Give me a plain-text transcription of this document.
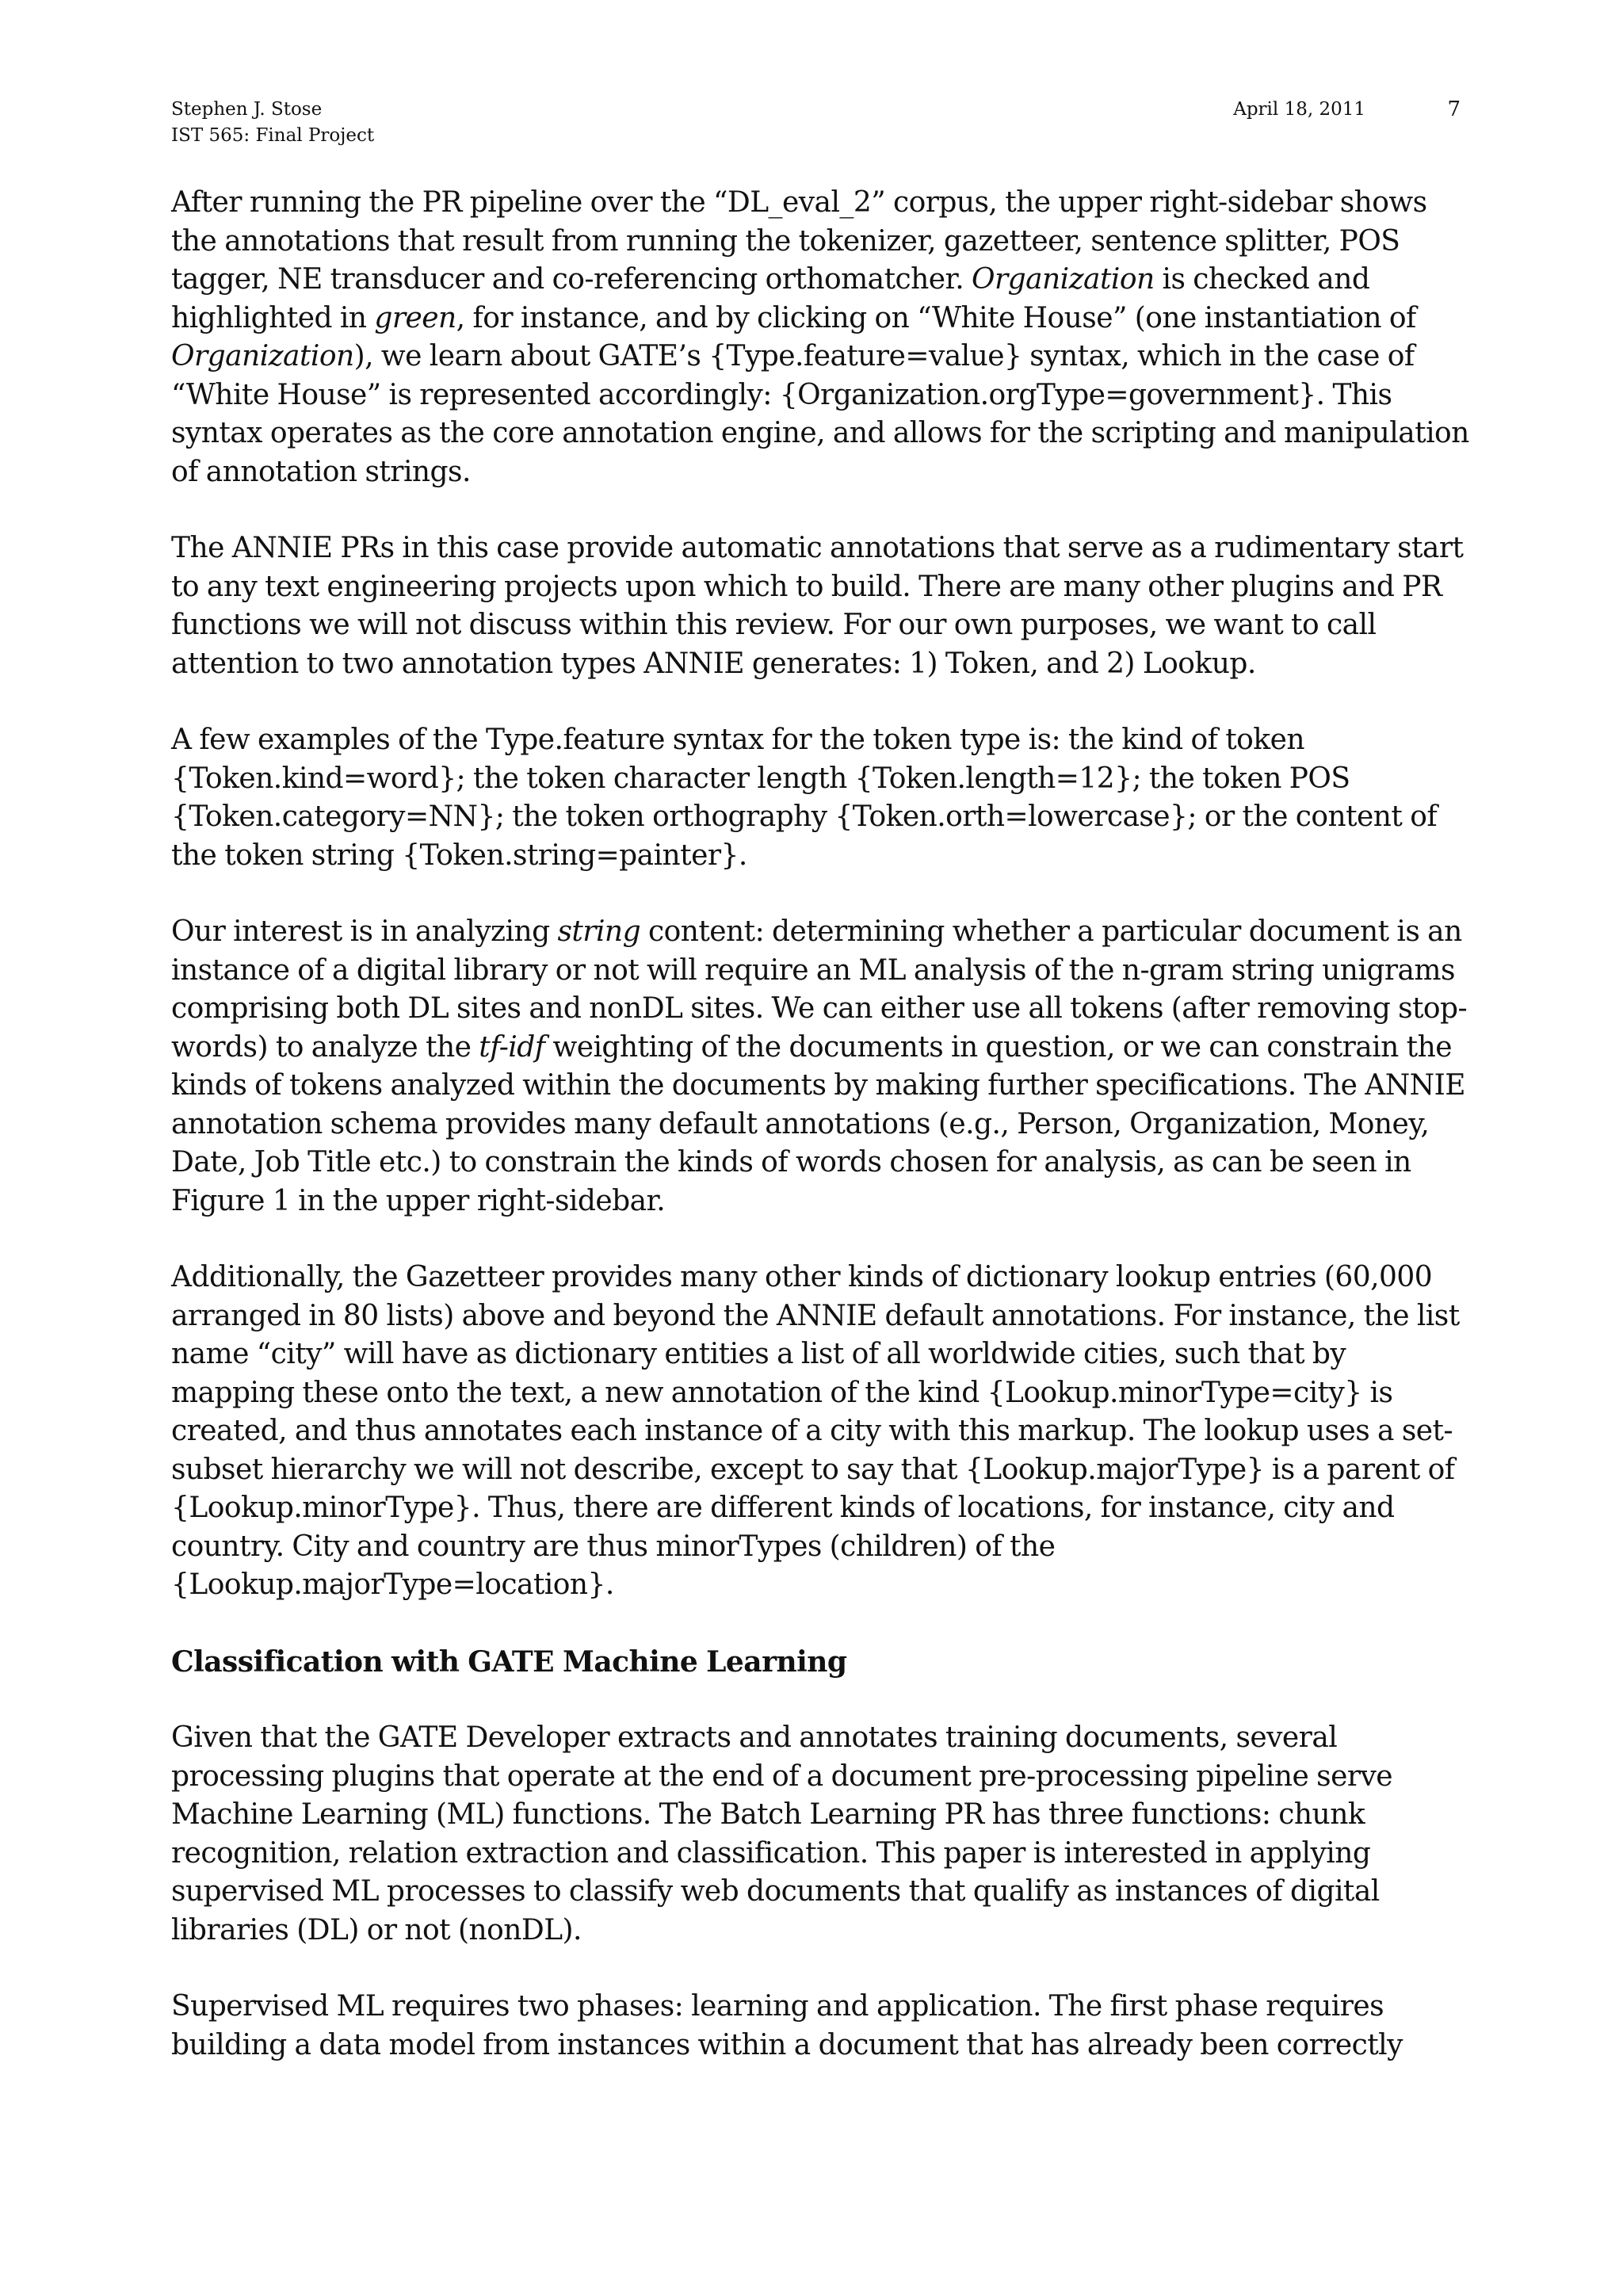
Stephen J. Stose
IST 565: Final Project
April 18, 2011	7

After running the PR pipeline over the “DL_eval_2” corpus, the upper right-sidebar shows the annotations that result from running the tokenizer, gazetteer, sentence splitter, POS tagger, NE transducer and co-referencing orthomatcher. Organization is checked and highlighted in green, for instance, and by clicking on “White House” (one instantiation of Organization), we learn about GATE’s {Type.feature=value} syntax, which in the case of “White House” is represented accordingly: {Organization.orgType=government}. This syntax operates as the core annotation engine, and allows for the scripting and manipulation of annotation strings.

The ANNIE PRs in this case provide automatic annotations that serve as a rudimentary start to any text engineering projects upon which to build. There are many other plugins and PR functions we will not discuss within this review. For our own purposes, we want to call attention to two annotation types ANNIE generates: 1) Token, and 2) Lookup.

A few examples of the Type.feature syntax for the token type is: the kind of token {Token.kind=word}; the token character length {Token.length=12}; the token POS {Token.category=NN}; the token orthography {Token.orth=lowercase}; or the content of the token string {Token.string=painter}.

Our interest is in analyzing string content: determining whether a particular document is an instance of a digital library or not will require an ML analysis of the n-gram string unigrams comprising both DL sites and nonDL sites. We can either use all tokens (after removing stop-words) to analyze the tf-idf weighting of the documents in question, or we can constrain the kinds of tokens analyzed within the documents by making further specifications. The ANNIE annotation schema provides many default annotations (e.g., Person, Organization, Money, Date, Job Title etc.) to constrain the kinds of words chosen for analysis, as can be seen in Figure 1 in the upper right-sidebar.

Additionally, the Gazetteer provides many other kinds of dictionary lookup entries (60,000 arranged in 80 lists) above and beyond the ANNIE default annotations. For instance, the list name “city” will have as dictionary entities a list of all worldwide cities, such that by mapping these onto the text, a new annotation of the kind {Lookup.minorType=city} is created, and thus annotates each instance of a city with this markup. The lookup uses a set-subset hierarchy we will not describe, except to say that {Lookup.majorType} is a parent of {Lookup.minorType}. Thus, there are different kinds of locations, for instance, city and country. City and country are thus minorTypes (children) of the {Lookup.majorType=location}.

Classification with GATE Machine Learning

Given that the GATE Developer extracts and annotates training documents, several processing plugins that operate at the end of a document pre-processing pipeline serve Machine Learning (ML) functions. The Batch Learning PR has three functions: chunk recognition, relation extraction and classification. This paper is interested in applying supervised ML processes to classify web documents that qualify as instances of digital libraries (DL) or not (nonDL).

Supervised ML requires two phases: learning and application. The first phase requires building a data model from instances within a document that has already been correctly
